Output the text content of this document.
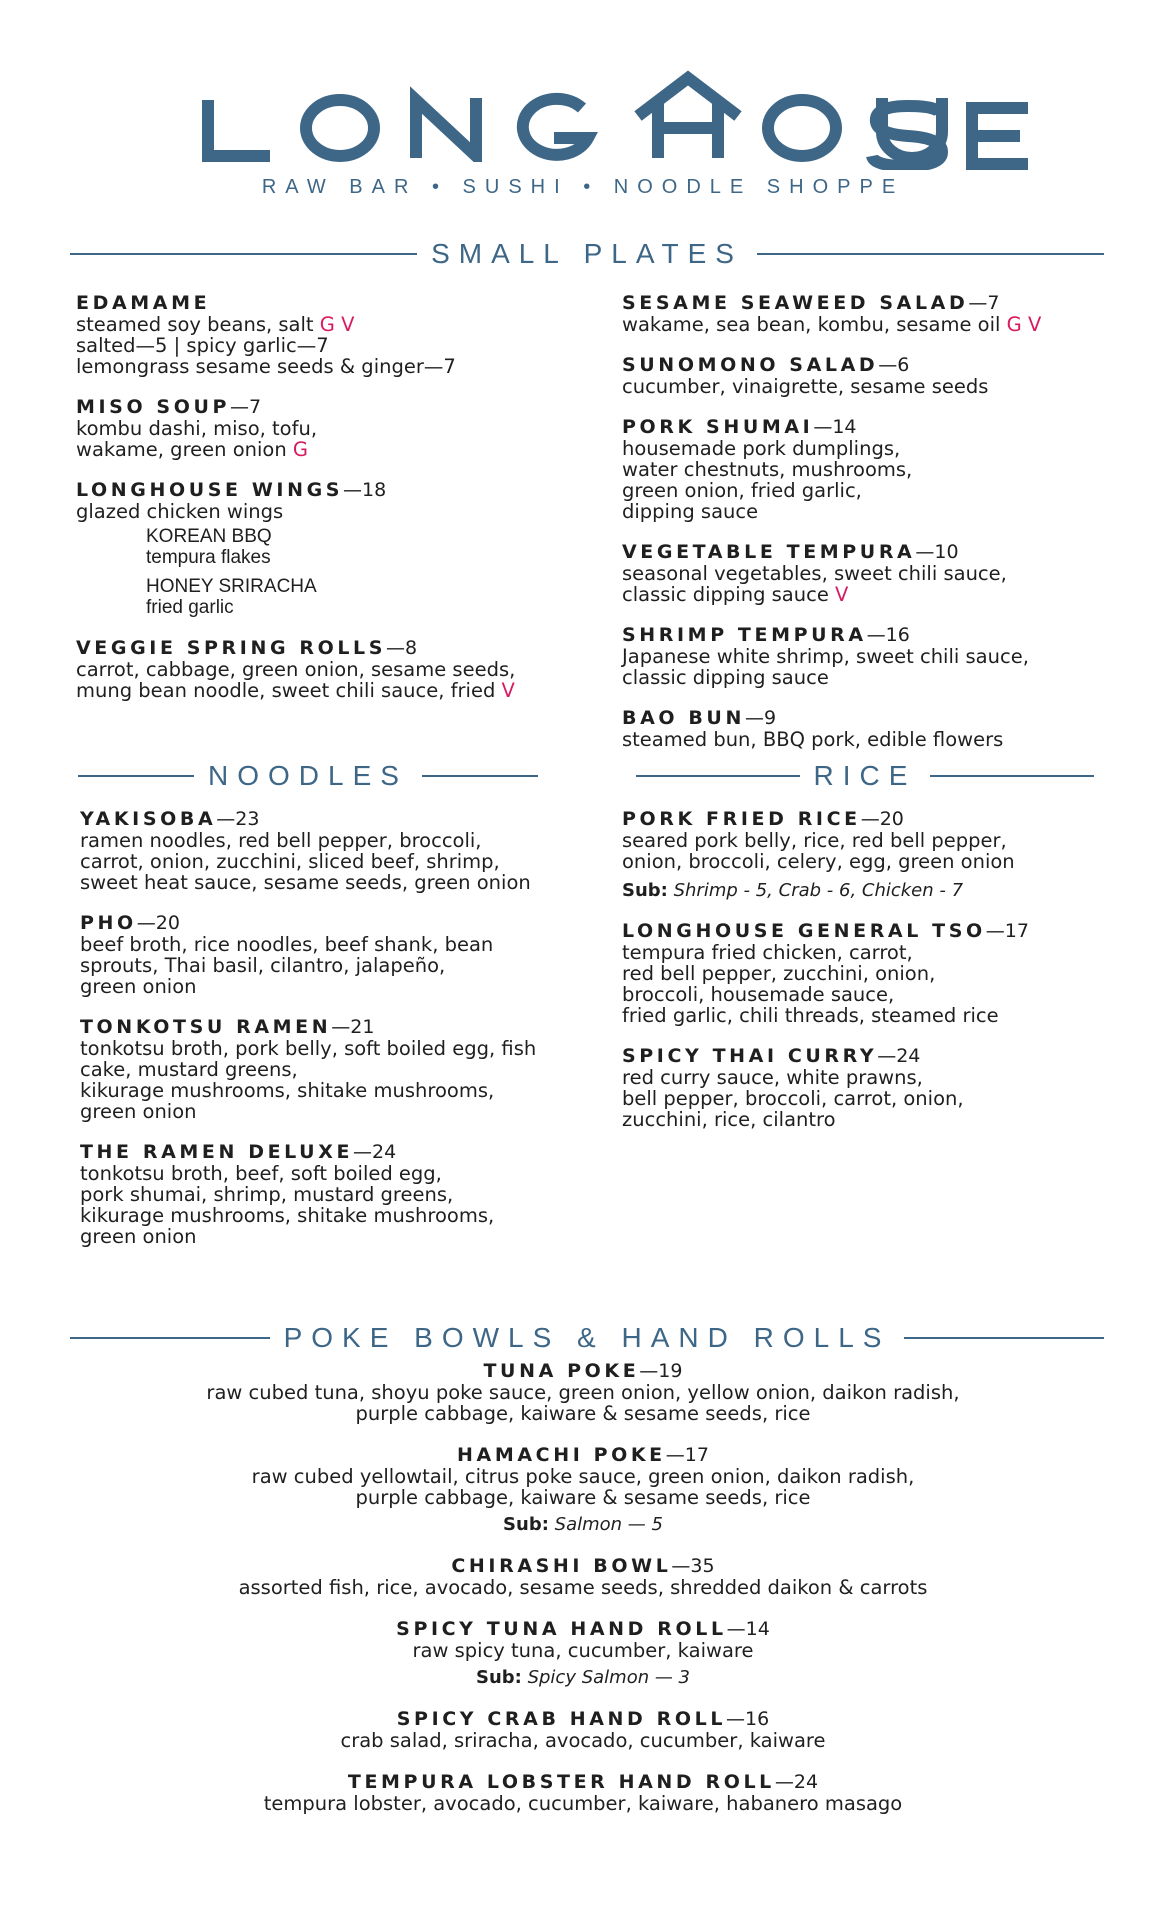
LONGHOUSE
RAW BAR • SUSHI • NOODLE SHOPPE
SMALL PLATES
EDAMAME
steamed soy beans, salt G V
salted—5 | spicy garlic—7
lemongrass sesame seeds & ginger—7
MISO SOUP—7
kombu dashi, miso, tofu,
wakame, green onion G
LONGHOUSE WINGS—18
glazed chicken wings
KOREAN BBQ
tempura flakes
HONEY SRIRACHA
fried garlic
VEGGIE SPRING ROLLS—8
carrot, cabbage, green onion, sesame seeds,
mung bean noodle, sweet chili sauce, fried V
SESAME SEAWEED SALAD—7
wakame, sea bean, kombu, sesame oil G V
SUNOMONO SALAD—6
cucumber, vinaigrette, sesame seeds
PORK SHUMAI—14
housemade pork dumplings,
water chestnuts, mushrooms,
green onion, fried garlic,
dipping sauce
VEGETABLE TEMPURA—10
seasonal vegetables, sweet chili sauce,
classic dipping sauce V
SHRIMP TEMPURA—16
Japanese white shrimp, sweet chili sauce,
classic dipping sauce
BAO BUN—9
steamed bun, BBQ pork, edible flowers
NOODLES	RICE
YAKISOBA—23
ramen noodles, red bell pepper, broccoli,
carrot, onion, zucchini, sliced beef, shrimp,
sweet heat sauce, sesame seeds, green onion
PHO—20
beef broth, rice noodles, beef shank, bean
sprouts, Thai basil, cilantro, jalapeño,
green onion
TONKOTSU RAMEN—21
tonkotsu broth, pork belly, soft boiled egg, fish
cake, mustard greens,
kikurage mushrooms, shitake mushrooms,
green onion
THE RAMEN DELUXE—24
tonkotsu broth, beef, soft boiled egg,
pork shumai, shrimp, mustard greens,
kikurage mushrooms, shitake mushrooms,
green onion
PORK FRIED RICE—20
seared pork belly, rice, red bell pepper,
onion, broccoli, celery, egg, green onion

Sub: Shrimp - 5, Crab - 6, Chicken - 7

LONGHOUSE GENERAL TSO—17
tempura fried chicken, carrot,
red bell pepper, zucchini, onion,
broccoli, housemade sauce,
fried garlic, chili threads, steamed rice
SPICY THAI CURRY—24
red curry sauce, white prawns,
bell pepper, broccoli, carrot, onion,
zucchini, rice, cilantro
POKE BOWLS & HAND ROLLS
TUNA POKE—19
raw cubed tuna, shoyu poke sauce, green onion, yellow onion, daikon radish,
purple cabbage, kaiware & sesame seeds, rice
HAMACHI POKE—17
raw cubed yellowtail, citrus poke sauce, green onion, daikon radish,
purple cabbage, kaiware & sesame seeds, rice

Sub: Salmon — 5

CHIRASHI BOWL—35
assorted fish, rice, avocado, sesame seeds, shredded daikon & carrots
SPICY TUNA HAND ROLL—14
raw spicy tuna, cucumber, kaiware

Sub: Spicy Salmon — 3

SPICY CRAB HAND ROLL—16
crab salad, sriracha, avocado, cucumber, kaiware
TEMPURA LOBSTER HAND ROLL—24
tempura lobster, avocado, cucumber, kaiware, habanero masago
